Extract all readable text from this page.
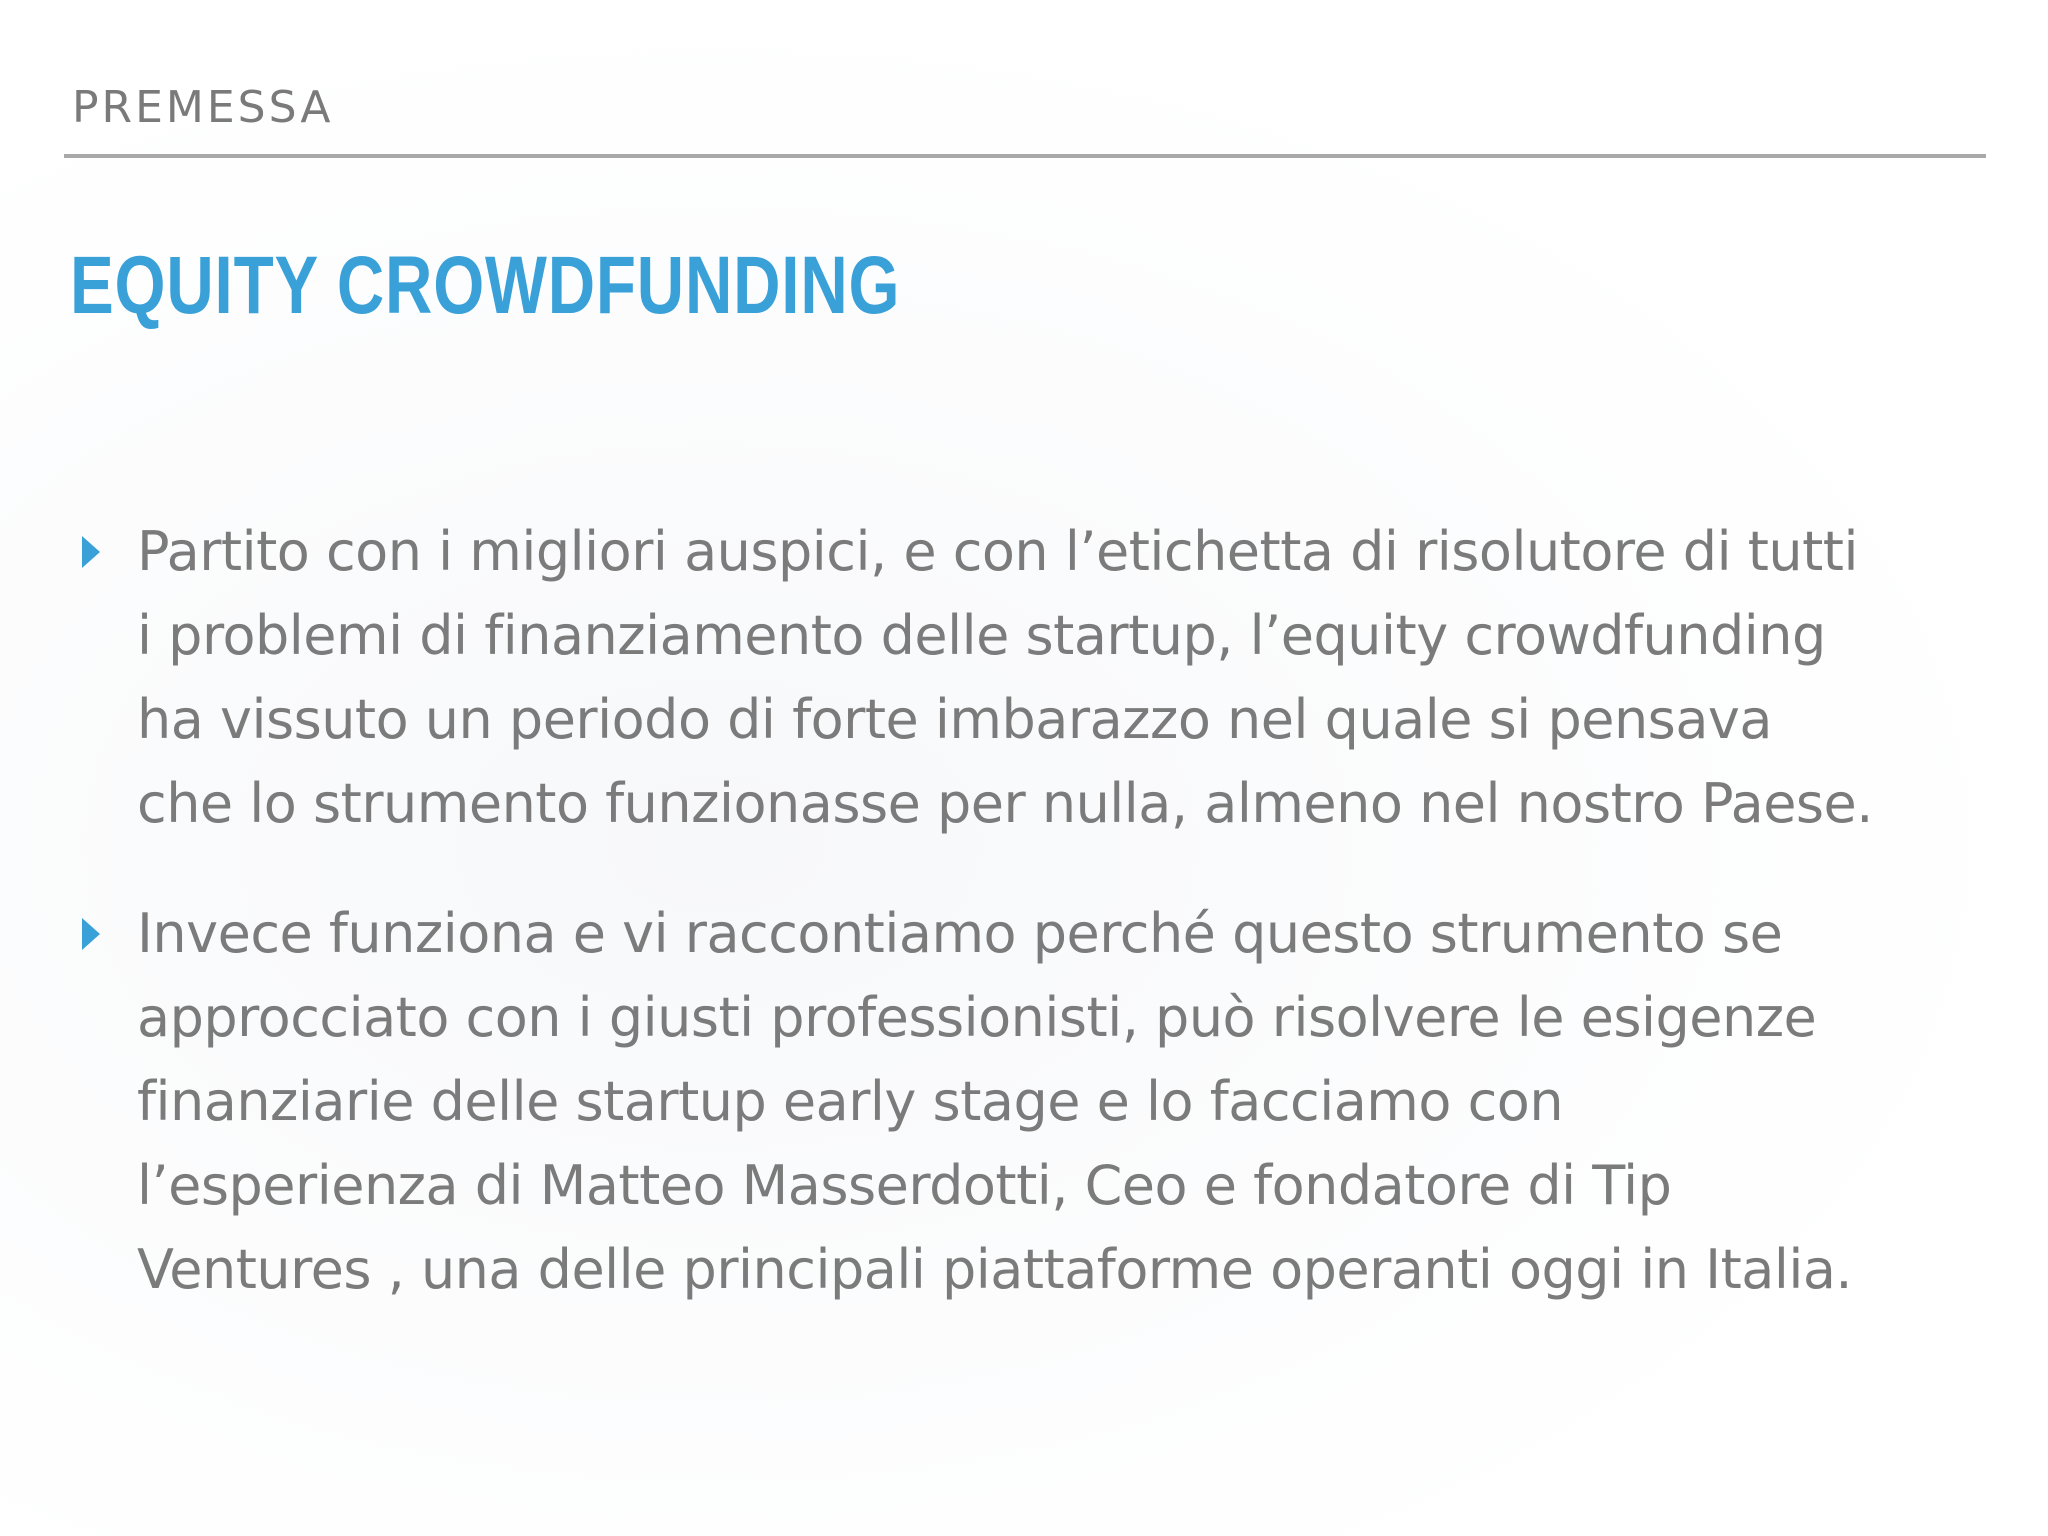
PREMESSA
EQUITY CROWDFUNDING
Partito con i migliori auspici, e con l’etichetta di risolutore di tutti
i problemi di finanziamento delle startup, l’equity crowdfunding
ha vissuto un periodo di forte imbarazzo nel quale si pensava
che lo strumento funzionasse per nulla, almeno nel nostro Paese.
Invece funziona e vi raccontiamo perché questo strumento se
approcciato con i giusti professionisti, può risolvere le esigenze
finanziarie delle startup early stage e lo facciamo con
l’esperienza di Matteo Masserdotti, Ceo e fondatore di Tip
Ventures , una delle principali piattaforme operanti oggi in Italia.
